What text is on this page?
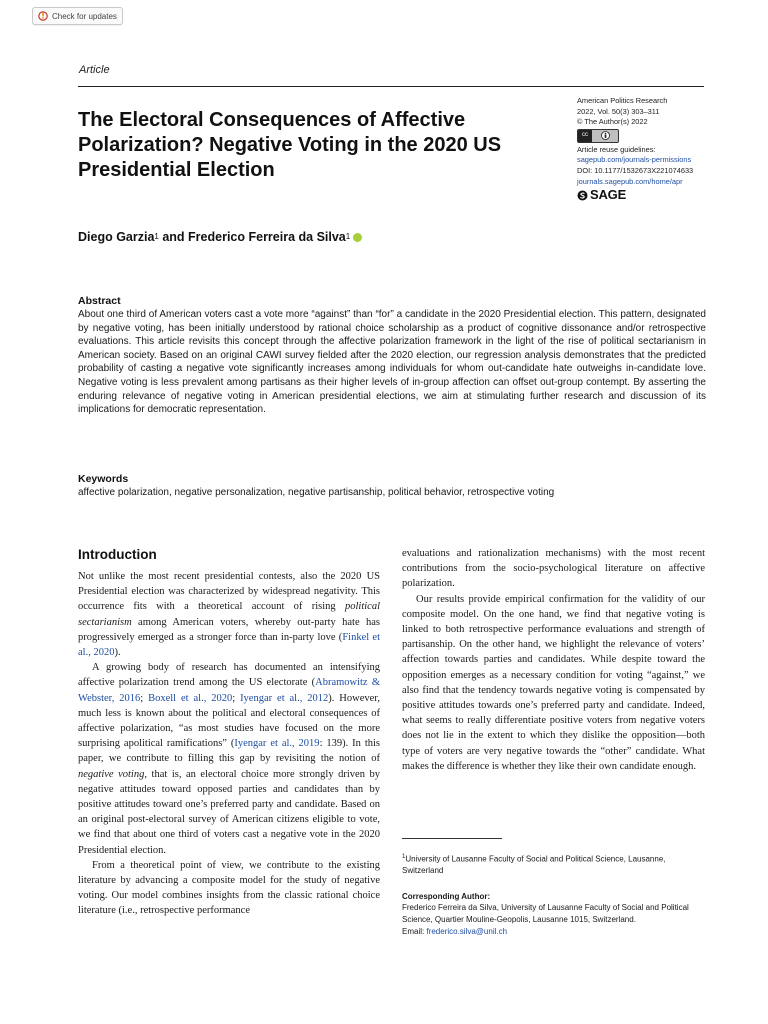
Check for updates
Article
The Electoral Consequences of Affective Polarization? Negative Voting in the 2020 US Presidential Election
American Politics Research
2022, Vol. 50(3) 303–311
© The Author(s) 2022
cc
Article reuse guidelines:
sagepub.com/journals-permissions
DOI: 10.1177/1532673X221074633
journals.sagepub.com/home/apr
SAGE
Diego Garzia$^1$ and Frederico Ferreira da Silva$^1$
Abstract

About one third of American voters cast a vote more “against” than “for” a candidate in the 2020 Presidential election. This pattern, designated by negative voting, has been initially understood by rational choice scholarship as a product of cognitive dissonance and/or retrospective evaluations. This article revisits this concept through the affective polarization framework in the light of the rise of political sectarianism in American society. Based on an original CAWI survey fielded after the 2020 election, our regression analysis demonstrates that the predicted probability of casting a negative vote significantly increases among individuals for whom out-candidate hate outweighs in-candidate love. Negative voting is less prevalent among partisans as their higher levels of in-group affection can offset out-group contempt. By asserting the enduring relevance of negative voting in American presidential elections, we aim at stimulating further research and discussion of its implications for democratic representation.

Keywords

affective polarization, negative personalization, negative partisanship, political behavior, retrospective voting

Introduction

Not unlike the most recent presidential contests, also the 2020 US Presidential election was characterized by widespread negativity. This occurrence fits with a theoretical account of rising political sectarianism among American voters, whereby out-party hate has progressively emerged as a stronger force than in-party love (Finkel et al., 2020).

A growing body of research has documented an intensifying affective polarization trend among the US electorate (Abramowitz & Webster, 2016; Boxell et al., 2020; Iyengar et al., 2012). However, much less is known about the political and electoral consequences of affective polarization, “as most studies have focused on the more surprising apolitical ramifications” (Iyengar et al., 2019: 139). In this paper, we contribute to filling this gap by revisiting the notion of negative voting, that is, an electoral choice more strongly driven by negative attitudes toward opposed parties and candidates than by positive attitudes toward one’s preferred party and candidate. Based on an original post-electoral survey of American citizens eligible to vote, we find that about one third of voters cast a negative vote in the 2020 Presidential election.

From a theoretical point of view, we contribute to the existing literature by advancing a composite model for the study of negative voting. Our model combines insights from the classic rational choice literature (i.e., retrospective performance

evaluations and rationalization mechanisms) with the most recent contributions from the socio-psychological literature on affective polarization.

Our results provide empirical confirmation for the validity of our composite model. On the one hand, we find that negative voting is linked to both retrospective performance evaluations and strength of partisanship. On the other hand, we highlight the relevance of voters’ affection towards parties and candidates. While despite toward the opposition emerges as a necessary condition for voting “against,” we also find that the tendency towards negative voting is compensated by positive attitudes towards one’s preferred party and candidate. Indeed, what seems to really differentiate positive voters from negative voters does not lie in the extent to which they dislike the opposition—both type of voters are very negative towards the “other” candidate. What makes the difference is whether they like their own candidate enough.

$^1$University of Lausanne Faculty of Social and Political Science, Lausanne, Switzerland

Corresponding Author:

Frederico Ferreira da Silva, University of Lausanne Faculty of Social and Political Science, Quartier Mouline-Geopolis, Lausanne 1015, Switzerland.

Email: frederico.silva@unil.ch
